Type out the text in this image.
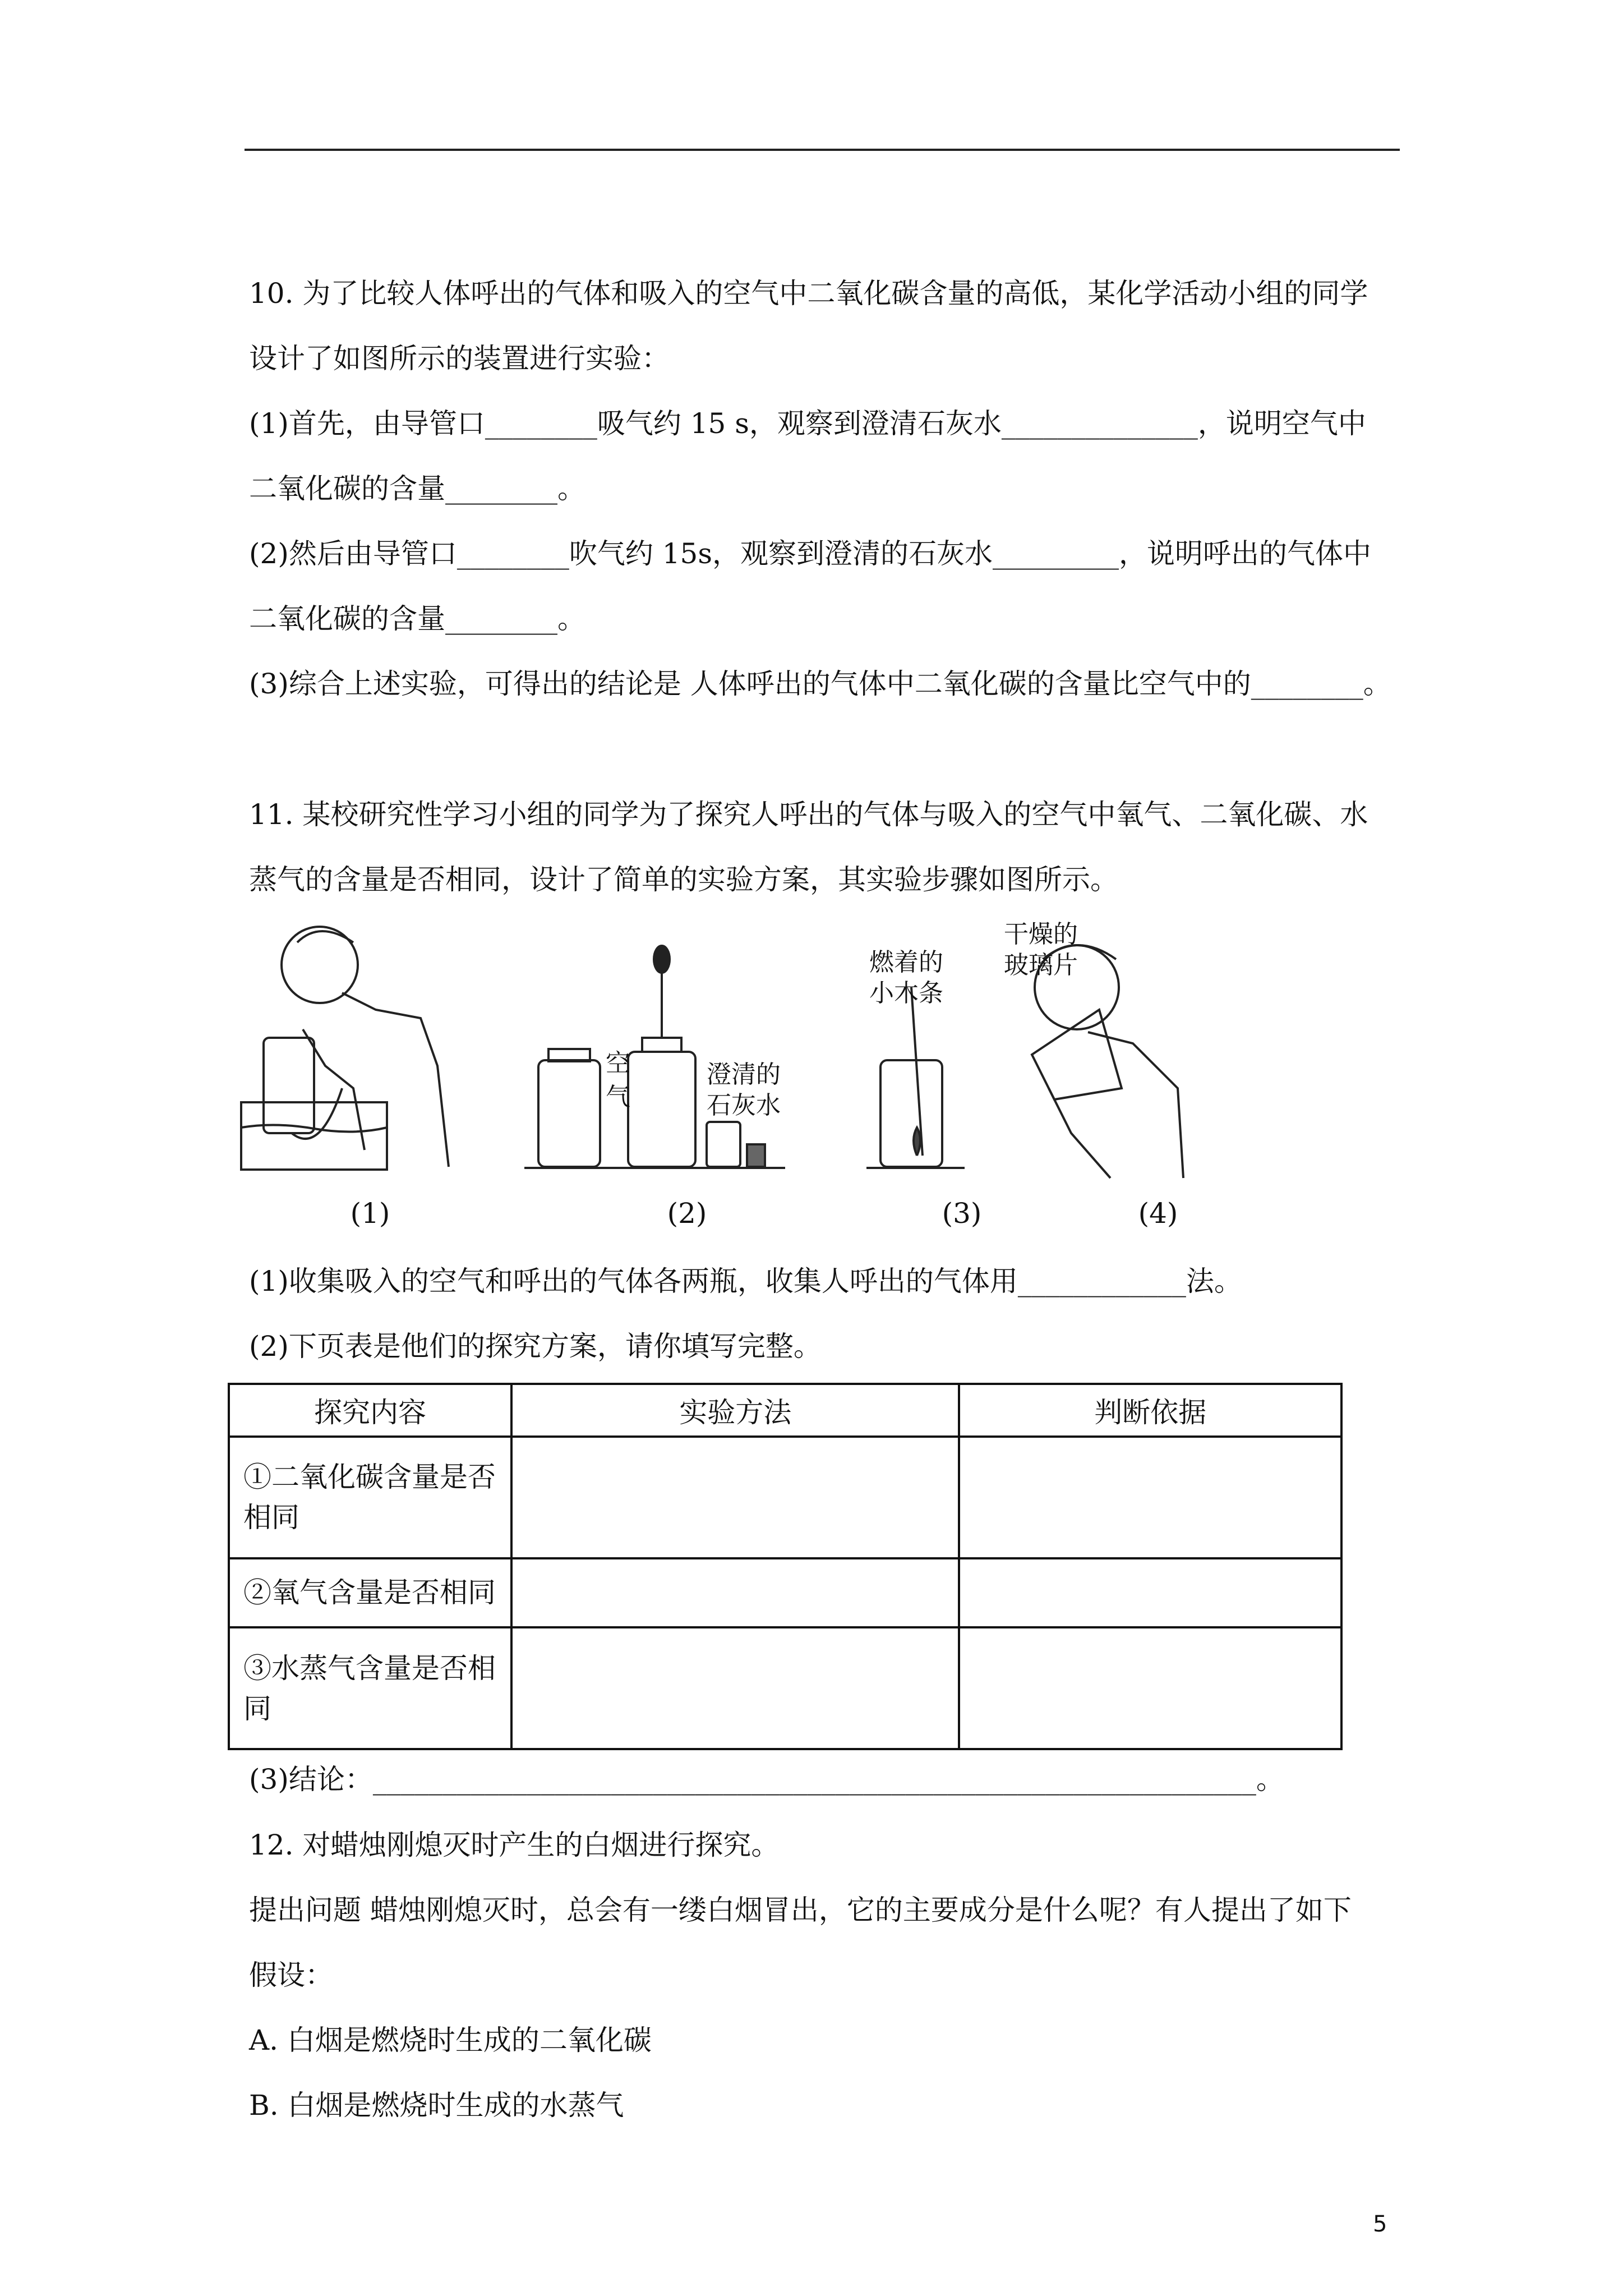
10. 为了比较人体呼出的气体和吸入的空气中二氧化碳含量的高低，某化学活动小组的同学
设计了如图所示的装置进行实验：
(1)首先，由导管口________吸气约 15 s，观察到澄清石灰水______________，说明空气中
二氧化碳的含量________。
(2)然后由导管口________吹气约 15s，观察到澄清的石灰水_________，说明呼出的气体中
二氧化碳的含量________。
(3)综合上述实验，可得出的结论是 人体呼出的气体中二氧化碳的含量比空气中的________。
11. 某校研究性学习小组的同学为了探究人呼出的气体与吸入的空气中氧气、二氧化碳、水
蒸气的含量是否相同，设计了简单的实验方案，其实验步骤如图所示。
空
气
澄清的
石灰水
燃着的
小木条
干燥的
玻璃片
(1)	(2)	(3)	(4)
(1)收集吸入的空气和呼出的气体各两瓶，收集人呼出的气体用____________法。
(2)下页表是他们的探究方案，请你填写完整。
探究内容	实验方法	判断依据
①二氧化碳含量是否相同		
②氧气含量是否相同		
③水蒸气含量是否相同		
(3)结论：_______________________________________________________________。
12. 对蜡烛刚熄灭时产生的白烟进行探究。
提出问题 蜡烛刚熄灭时，总会有一缕白烟冒出，它的主要成分是什么呢？有人提出了如下
假设：
A. 白烟是燃烧时生成的二氧化碳
B. 白烟是燃烧时生成的水蒸气
5
